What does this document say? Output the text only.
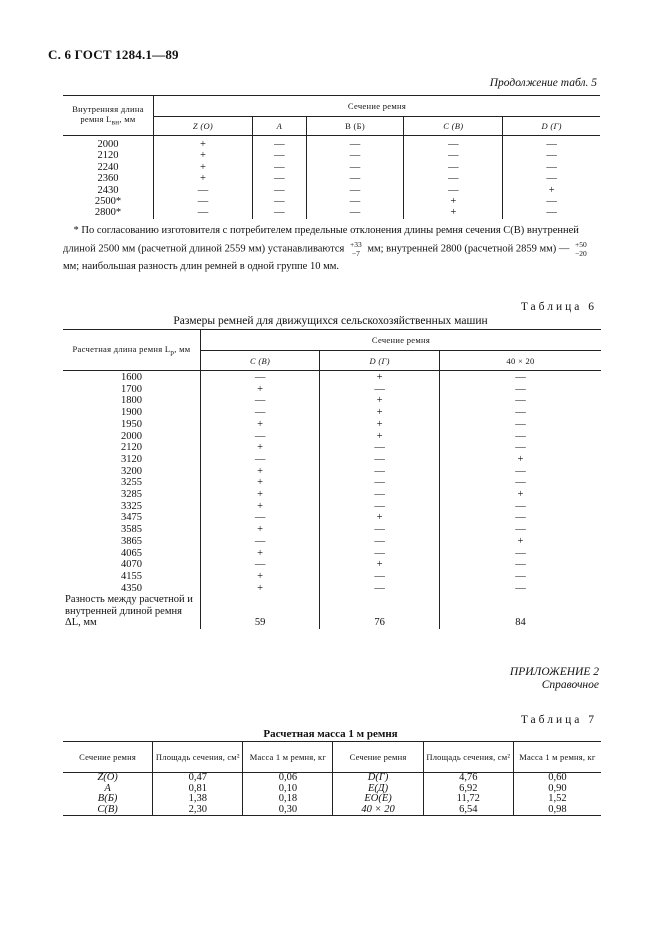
С. 6 ГОСТ 1284.1—89
Продолжение табл. 5
Внутренняя длина ремня $L_{вн}$, мм	Сечение ремня				
	Z (О)	А	В (Б)	С (В)	D (Г)
2000	+	—	—	—	—
2120	+	—	—	—	—
2240	+	—	—	—	—
2360	+	—	—	—	—
2430	—	—	—	—	+
2500*	—	—	—	+	—
2800*	—	—	—	+	—
* По согласованию изготовителя с потребителем предельные отклонения длины ремня сечения С(В) внутренней длиной 2500 мм (расчетной длиной 2559 мм) устанавливаются +33
−7 мм; внутренней 2800 (расчетной 2859 мм) — +50
−20
мм; наибольшая разность длин ремней в одной группе 10 мм.
Таблица 6
Размеры ремней для движущихся сельскохозяйственных машин
Расчетная длина ремня $L_р$, мм	Сечение ремня		
	С (В)	D (Г)	40 × 20
1600	—	+	—
1700	+	—	—
1800	—	+	—
1900	—	+	—
1950	+	+	—
2000	—	+	—
2120	+	—	—
3120	—	—	+
3200	+	—	—
3255	+	—	—
3285	+	—	+
3325	+	—	—
3475	—	+	—
3585	+	—	—
3865	—	—	+
4065	+	—	—
4070	—	+	—
4155	+	—	—
4350	+	—	—
Разность между расчетной и внутренней длиной ремня ΔL, мм	59	76	84
ПРИЛОЖЕНИЕ 2
Справочное
Таблица 7
Расчетная масса 1 м ремня
Сечение ремня	Площадь сечения, см²	Масса 1 м ремня, кг	Сечение ремня	Площадь сечения, см²	Масса 1 м ремня, кг
Z(О)	0,47	0,06	D(Г)	4,76	0,60
А	0,81	0,10	Е(Д)	6,92	0,90
В(Б)	1,38	0,18	ЕО(Е)	11,72	1,52
С(В)	2,30	0,30	40 × 20	6,54	0,98
